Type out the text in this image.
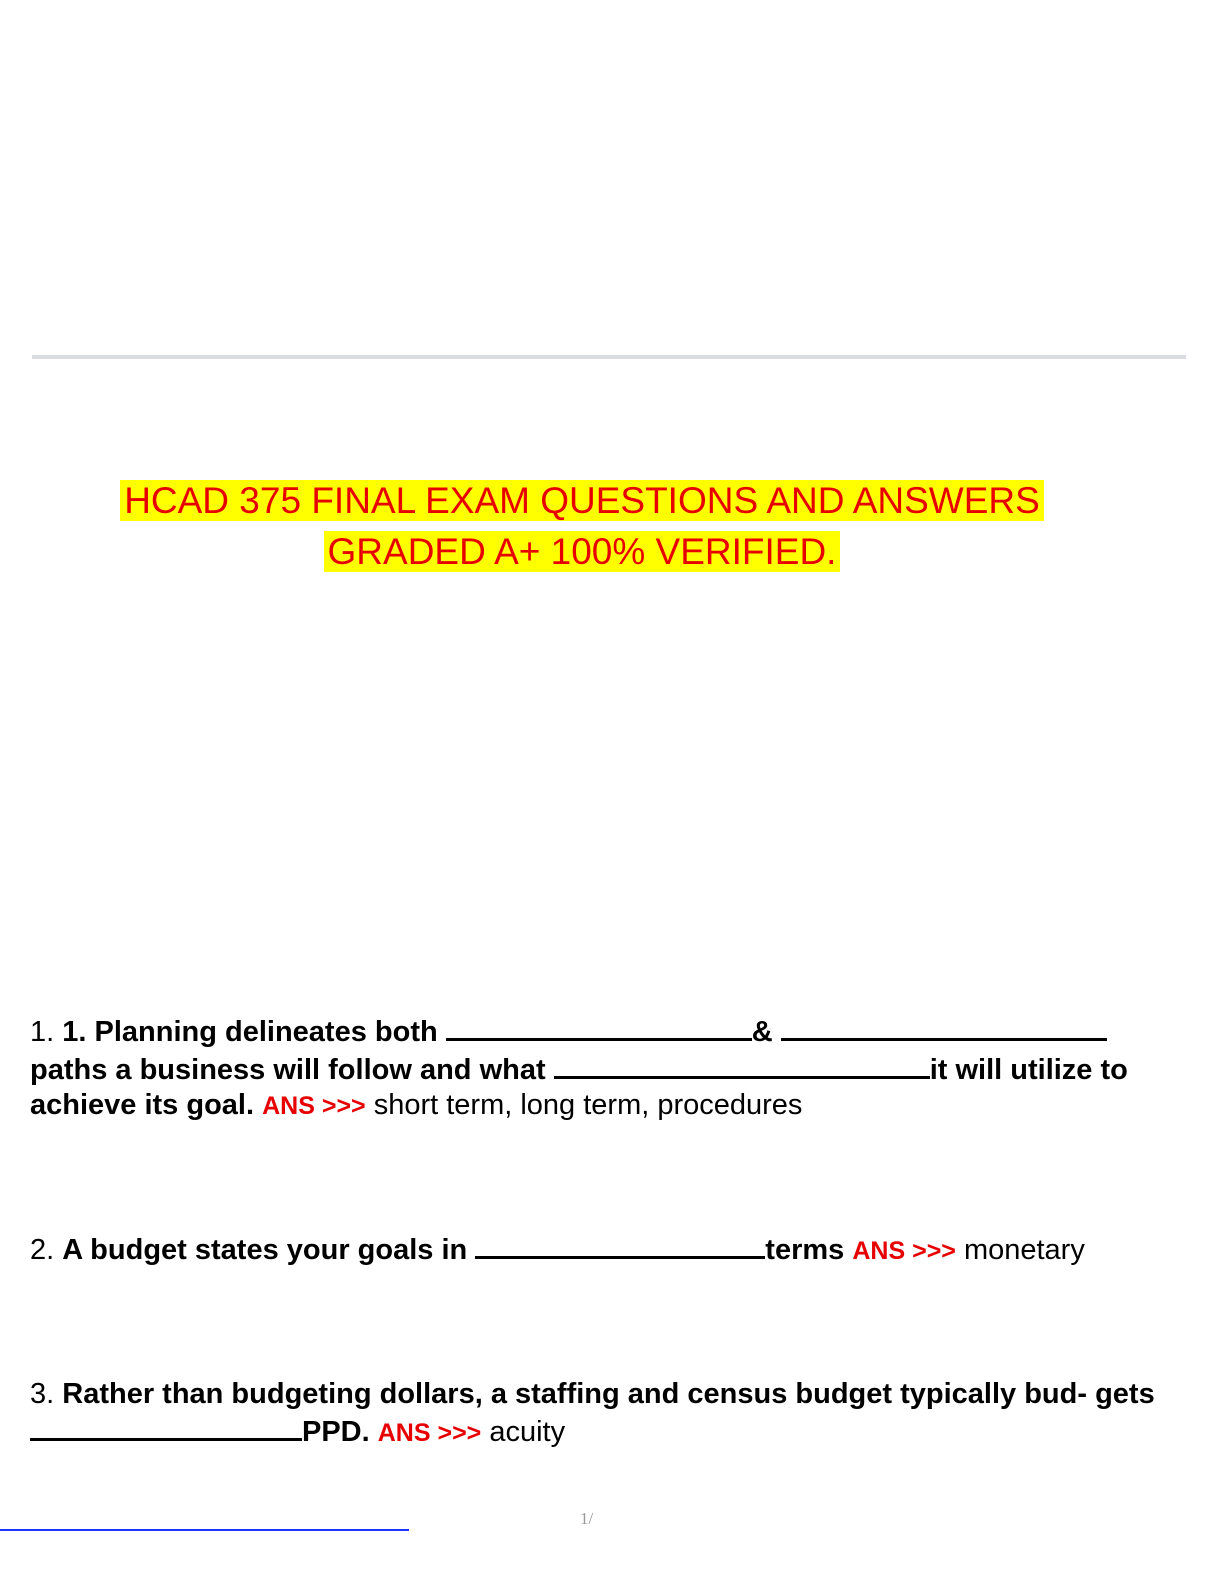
HCAD 375 FINAL EXAM QUESTIONS AND ANSWERS
GRADED A+ 100% VERIFIED.
1. 1. Planning delineates both	&
paths a business will follow and what	it will utilize to achieve its goal. ANS >>> short term, long term, procedures
2. A budget states your goals in	terms ANS >>> monetary
3. Rather than budgeting dollars, a staffing and census budget typically bud- gets PPD. ANS >>> acuity
1/
